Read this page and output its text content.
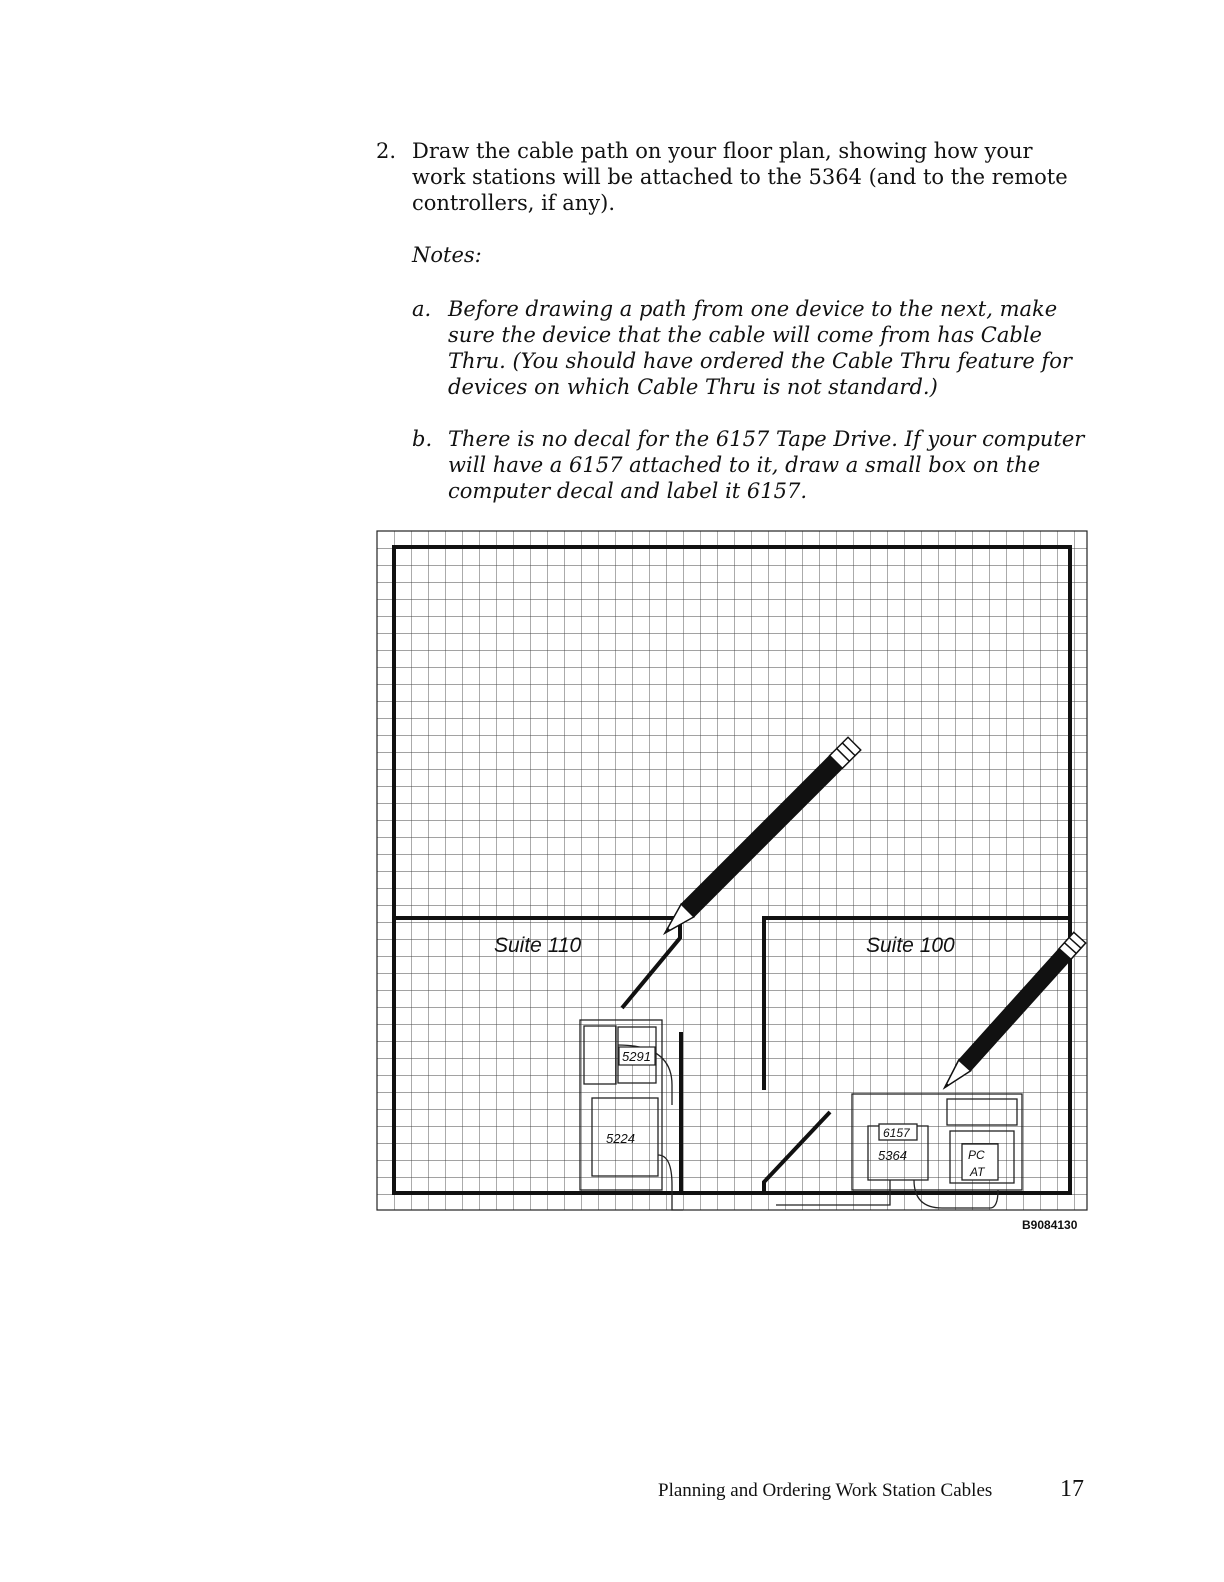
2. Draw the cable path on your floor plan, showing how your work stations will be attached to the 5364 (and to the remote controllers, if any).
Notes:
a. Before drawing a path from one device to the next, make sure the device that the cable will come from has Cable Thru. (You should have ordered the Cable Thru feature for devices on which Cable Thru is not standard.)
b. There is no decal for the 6157 Tape Drive. If your computer will have a 6157 attached to it, draw a small box on the computer decal and label it 6157.
Suite 110	Suite 100
5291
5224	6157
5364	PC
AT
B9084130
Planning and Ordering Work Station Cables	17
